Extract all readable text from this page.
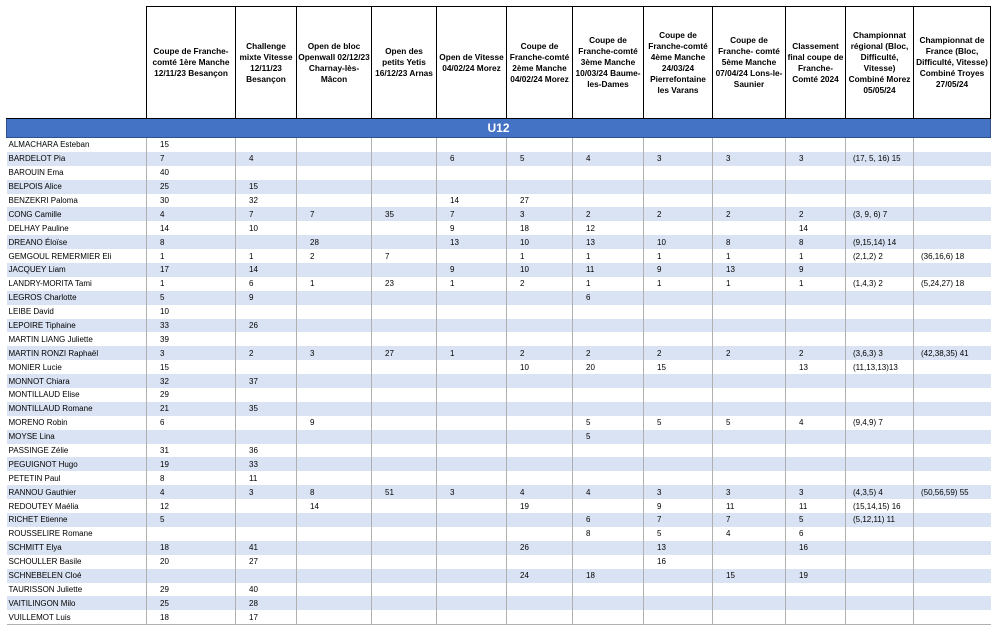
	Coupe de Franche-comté 1ère Manche 12/11/23 Besançon	Challenge mixte Vitesse 12/11/23 Besançon	Open de bloc Openwall 02/12/23 Charnay-lès-Mâcon	Open des petits Yetis 16/12/23 Arnas	Open de Vitesse 04/02/24 Morez	Coupe de Franche-comté 2ème Manche 04/02/24 Morez	Coupe de Franche-comté 3ème Manche 10/03/24 Baume-les-Dames	Coupe de Franche-comté 4ème Manche 24/03/24 Pierrefontaine les Varans	Coupe de Franche- comté 5ème Manche 07/04/24 Lons-le- Saunier	Classement final coupe de Franche-Comté 2024	Championnat régional (Bloc, Difficulté, Vitesse) Combiné Morez 05/05/24	Championnat de France (Bloc, Difficulté, Vitesse) Combiné Troyes 27/05/24
U12												
ALMACHARA Esteban	15											
BARDELOT Pia	7	4			6	5	4	3	3	3	(17, 5, 16) 15	
BAROUIN Ema	40											
BELPOIS Alice	25	15										
BENZEKRI Paloma	30	32			14	27						
CONG Camille	4	7	7	35	7	3	2	2	2	2	(3, 9, 6) 7	
DELHAY Pauline	14	10			9	18	12			14		
DREANO Éloïse	8		28		13	10	13	10	8	8	(9,15,14) 14	
GEMGOUL REMERMIER Eli	1	1	2	7		1	1	1	1	1	(2,1,2) 2	(36,16,6) 18
JACQUEY Liam	17	14			9	10	11	9	13	9		
LANDRY-MORITA Tami	1	6	1	23	1	2	1	1	1	1	(1,4,3) 2	(5,24,27) 18
LEGROS Charlotte	5	9					6					
LEIBE David	10											
LEPOIRE Tiphaine	33	26										
MARTIN LIANG Juliette	39											
MARTIN RONZI Raphaël	3	2	3	27	1	2	2	2	2	2	(3,6,3) 3	(42,38,35) 41
MONIER Lucie	15					10	20	15		13	(11,13,13)13	
MONNOT Chiara	32	37										
MONTILLAUD Elise	29											
MONTILLAUD Romane	21	35										
MORENO Robin	6		9				5	5	5	4	(9,4,9) 7	
MOYSE Lina							5					
PASSINGE Zélie	31	36										
PEGUIGNOT Hugo	19	33										
PETETIN Paul	8	11										
RANNOU Gauthier	4	3	8	51	3	4	4	3	3	3	(4,3,5) 4	(50,56,59) 55
REDOUTEY Maélia	12		14			19		9	11	11	(15,14,15) 16	
RICHET Etienne	5						6	7	7	5	(5,12,11) 11	
ROUSSELIRE Romane							8	5	4	6		
SCHMITT Elya	18	41				26		13		16		
SCHOULLER Basile	20	27						16				
SCHNEBELEN Cloé						24	18		15	19		
TAURISSON Juliette	29	40										
VAITILINGON Milo	25	28										
VUILLEMOT Luis	18	17										
